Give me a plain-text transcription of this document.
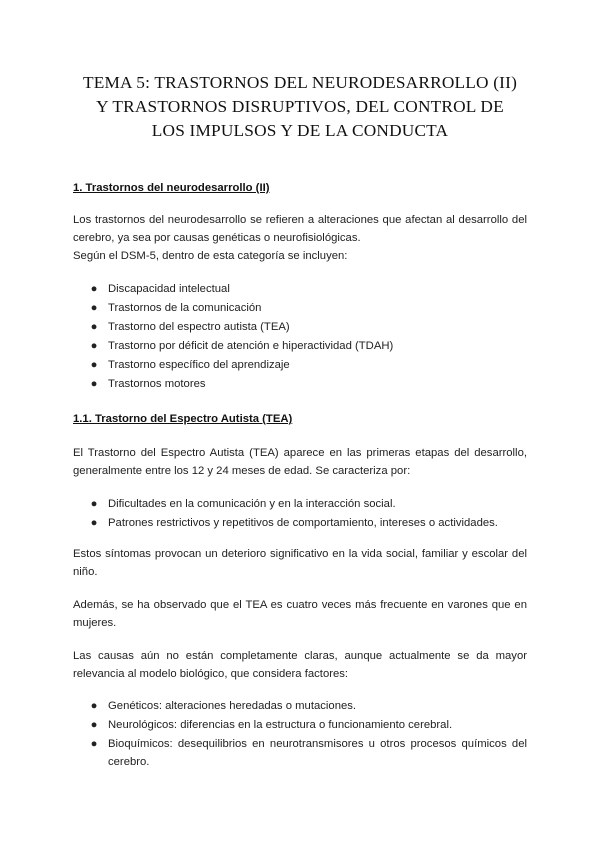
TEMA 5: TRASTORNOS DEL NEURODESARROLLO (II)
Y TRASTORNOS DISRUPTIVOS, DEL CONTROL DE
LOS IMPULSOS Y DE LA CONDUCTA
1. Trastornos del neurodesarrollo (II)
Los trastornos del neurodesarrollo se refieren a alteraciones que afectan al desarrollo del
cerebro, ya sea por causas genéticas o neurofisiológicas.
Según el DSM-5, dentro de esta categoría se incluyen:
● Discapacidad intelectual
● Trastornos de la comunicación
● Trastorno del espectro autista (TEA)
● Trastorno por déficit de atención e hiperactividad (TDAH)
● Trastorno específico del aprendizaje
● Trastornos motores
1.1. Trastorno del Espectro Autista (TEA)
El Trastorno del Espectro Autista (TEA) aparece en las primeras etapas del desarrollo,
generalmente entre los 12 y 24 meses de edad. Se caracteriza por:
● Dificultades en la comunicación y en la interacción social.
● Patrones restrictivos y repetitivos de comportamiento, intereses o actividades.
Estos síntomas provocan un deterioro significativo en la vida social, familiar y escolar del
niño.
Además, se ha observado que el TEA es cuatro veces más frecuente en varones que en
mujeres.
Las causas aún no están completamente claras, aunque actualmente se da mayor
relevancia al modelo biológico, que considera factores:
● Genéticos: alteraciones heredadas o mutaciones.
● Neurológicos: diferencias en la estructura o funcionamiento cerebral.
● Bioquímicos: desequilibrios en neurotransmisores u otros procesos químicos del
cerebro.
